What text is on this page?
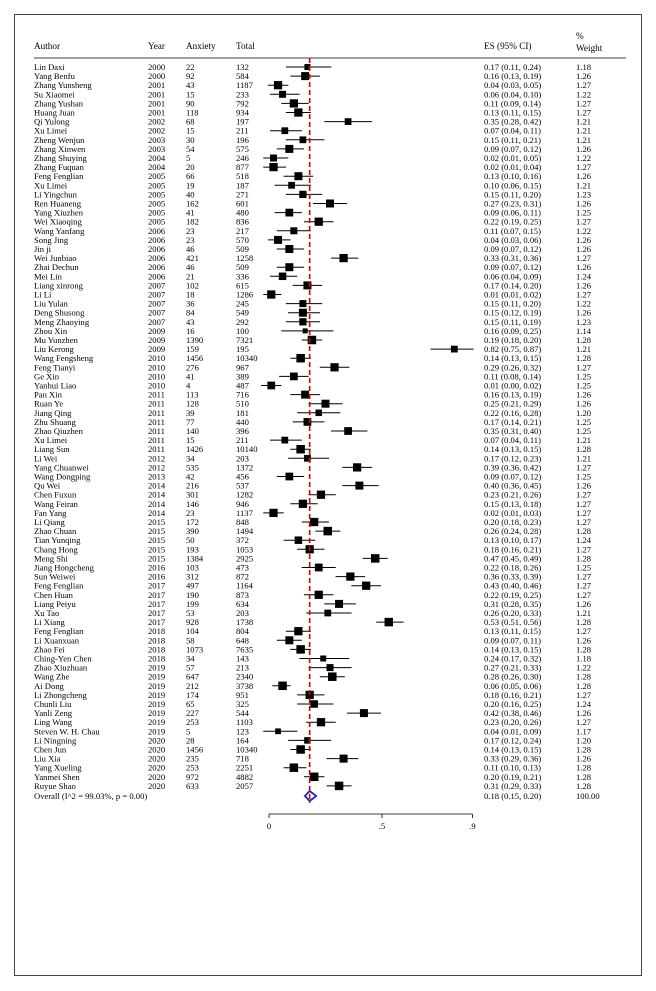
Author	Year Anxiety Total	ES (95% CI)
%
Weight
Lin Daxi	2000 22	132	0.17 (0.11, 0.24)	1.18
Yang Benfu	2000 92	584	0.16 (0.13, 0.19)	1.26
Zhang Yunsheng	2001 43	1187	0.04 (0.03, 0.05)	1.27
Su Xiaomei	2001 15	233	0.06 (0.04, 0.10)	1.22
Zhang Yushan	2001 90	792	0.11 (0.09, 0.14)	1.27
Huang Juan	2001 118	934	0.13 (0.11, 0.15)	1.27
Qi Yulong	2002 68	197	0.35 (0.28, 0.42)	1.21
Xu Limei	2002 15	211	0.07 (0.04, 0.11)	1.21
Zheng Wenjun	2003 30	196	0.15 (0.11, 0.21)	1.21
Zhang Xinwen	2003 54	575	0.09 (0.07, 0.12)	1.26
Zhang Shuying	2004 5	246	0.02 (0.01, 0.05)	1.22
Zhang Fuquan	2004 20	877	0.02 (0.01, 0.04)	1.27
Feng Fenglian	2005 66	518	0.13 (0.10, 0.16)	1.26
Xu Limei	2005 19	187	0.10 (0.06, 0.15)	1.21
Li Yingchun	2005 40	271	0.15 (0.11, 0.20)	1.23
Ren Huaneng	2005 162	601	0.27 (0.23, 0.31)	1.26
Yang Xiuzhen	2005 41	480	0.09 (0.06, 0.11)	1.25
Wei Xiaoqing	2005 182	836	0.22 (0.19, 0.25)	1.27
Wang Yanfang	2006 23	217	0.11 (0.07, 0.15)	1.22
Song Jing	2006 23	570	0.04 (0.03, 0.06)	1.26
Jin ji	2006 46	509	0.09 (0.07, 0.12)	1.26
Wei Junbiao	2006 421	1258	0.33 (0.31, 0.36)	1.27
Zhai Dechun	2006 46	509	0.09 (0.07, 0.12)	1.26
Mei Lin	2006 21	336	0.06 (0.04, 0.09)	1.24
Liang xinrong	2007 102	615	0.17 (0.14, 0.20)	1.26
Li Li	2007 18	1286	0.01 (0.01, 0.02)	1.27
Liu Yulan	2007 36	245	0.15 (0.11, 0.20)	1.22
Deng Shusong	2007 84	549	0.15 (0.12, 0.19)	1.26
Meng Zhaoying	2007 43	292	0.15 (0.11, 0.19)	1.23
Zhou Xin	2009 16	100	0.16 (0.09, 0.25)	1.14
Mu Yunzhen	2009 1390	7321	0.19 (0.18, 0.20)	1.28
Liu Kerong	2009 159	195	0.82 (0.75, 0.87)	1.21
Wang Fengsheng	2010 1456	10340	0.14 (0.13, 0.15)	1.28
Feng Tianyi	2010 276	967	0.29 (0.26, 0.32)	1.27
Ge Xin	2010 41	389	0.11 (0.08, 0.14)	1.25
Yanhui Liao	2010 4	487	0.01 (0.00, 0.02)	1.25
Pan Xin	2011 113	716	0.16 (0.13, 0.19)	1.26
Ruan Ye	2011 128	510	0.25 (0.21, 0.29)	1.26
Jiang Qing	2011 39	181	0.22 (0.16, 0.28)	1.20
Zhu Shuang	2011 77	440	0.17 (0.14, 0.21)	1.25
Zhao Qiuzhen	2011 140	396	0.35 (0.31, 0.40)	1.25
Xu Limei	2011 15	211	0.07 (0.04, 0.11)	1.21
Liang Sun	2011 1426	10140	0.14 (0.13, 0.15)	1.28
Li Wei	2012 34	203	0.17 (0.12, 0.23)	1.21
Yang Chuanwei	2012 535	1372	0.39 (0.36, 0.42)	1.27
Wang Dongping	2013 42	456	0.09 (0.07, 0.12)	1.25
Qu Wei	2014 216	537	0.40 (0.36, 0.45)	1.26
Chen Fuxun	2014 301	1282	0.23 (0.21, 0.26)	1.27
Wang Feiran	2014 146	946	0.15 (0.13, 0.18)	1.27
Fan Yang	2014 23	1137	0.02 (0.01, 0.03)	1.27
Li Qiang	2015 172	848	0.20 (0.18, 0.23)	1.27
Zhao Chuan	2015 390	1494	0.26 (0.24, 0.28)	1.28
Tian Yunqing	2015 50	372	0.13 (0.10, 0.17)	1.24
Chang Hong	2015 193	1053	0.18 (0.16, 0.21)	1.27
Meng Shi	2015 1384	2925	0.47 (0.45, 0.49)	1.28
Jiang Hongcheng	2016 103	473	0.22 (0.18, 0.26)	1.25
Sun Weiwei	2016 312	872	0.36 (0.33, 0.39)	1.27
Feng Fenglian	2017 497	1164	0.43 (0.40, 0.46)	1.27
Chen Huan	2017 190	873	0.22 (0.19, 0.25)	1.27
Liang Peiyu	2017 199	634	0.31 (0.28, 0.35)	1.26
Xu Tao	2017 53	203	0.26 (0.20, 0.33)	1.21
Li Xiang	2017 928	1738	0.53 (0.51, 0.56)	1.28
Feng Fenglian	2018 104	804	0.13 (0.11, 0.15)	1.27
Li Xuanxuan	2018 58	648	0.09 (0.07, 0.11)	1.26
Zhao Fei	2018 1073	7635	0.14 (0.13, 0.15)	1.28
Ching-Yen Chen	2018 34	143	0.24 (0.17, 0.32)	1.18
Zhao Xiuzhuan	2019 57	213	0.27 (0.21, 0.33)	1.22
Wang Zhe	2019 647	2340	0.28 (0.26, 0.30)	1.28
Ai Dong	2019 212	3738	0.06 (0.05, 0.06)	1.28
Li Zhongcheng	2019 174	951	0.18 (0.16, 0.21)	1.27
Chunli Liu	2019 65	325	0.20 (0.16, 0.25)	1.24
Yanli Zeng	2019 227	544	0.42 (0.38, 0.46)	1.26
Ling Wang	2019 253	1103	0.23 (0.20, 0.26)	1.27
Steven W. H. Chau	2019 5	123	0.04 (0.01, 0.09)	1.17
Li Ningning	2020 28	164	0.17 (0.12, 0.24)	1.20
Chen Jun	2020 1456	10340	0.14 (0.13, 0.15)	1.28
Liu Xia	2020 235	718	0.33 (0.29, 0.36)	1.26
Yang Xueling	2020 253	2251	0.11 (0.10, 0.13)	1.28
Yanmei Shen	2020 972	4882	0.20 (0.19, 0.21)	1.28
Ruyue Shao	2020 633	2057	0.31 (0.29, 0.33)	1.28
Overall (I^2 = 99.03%, p = 0.00)	0.18 (0.15, 0.20)	100.00
0	.5	.9
